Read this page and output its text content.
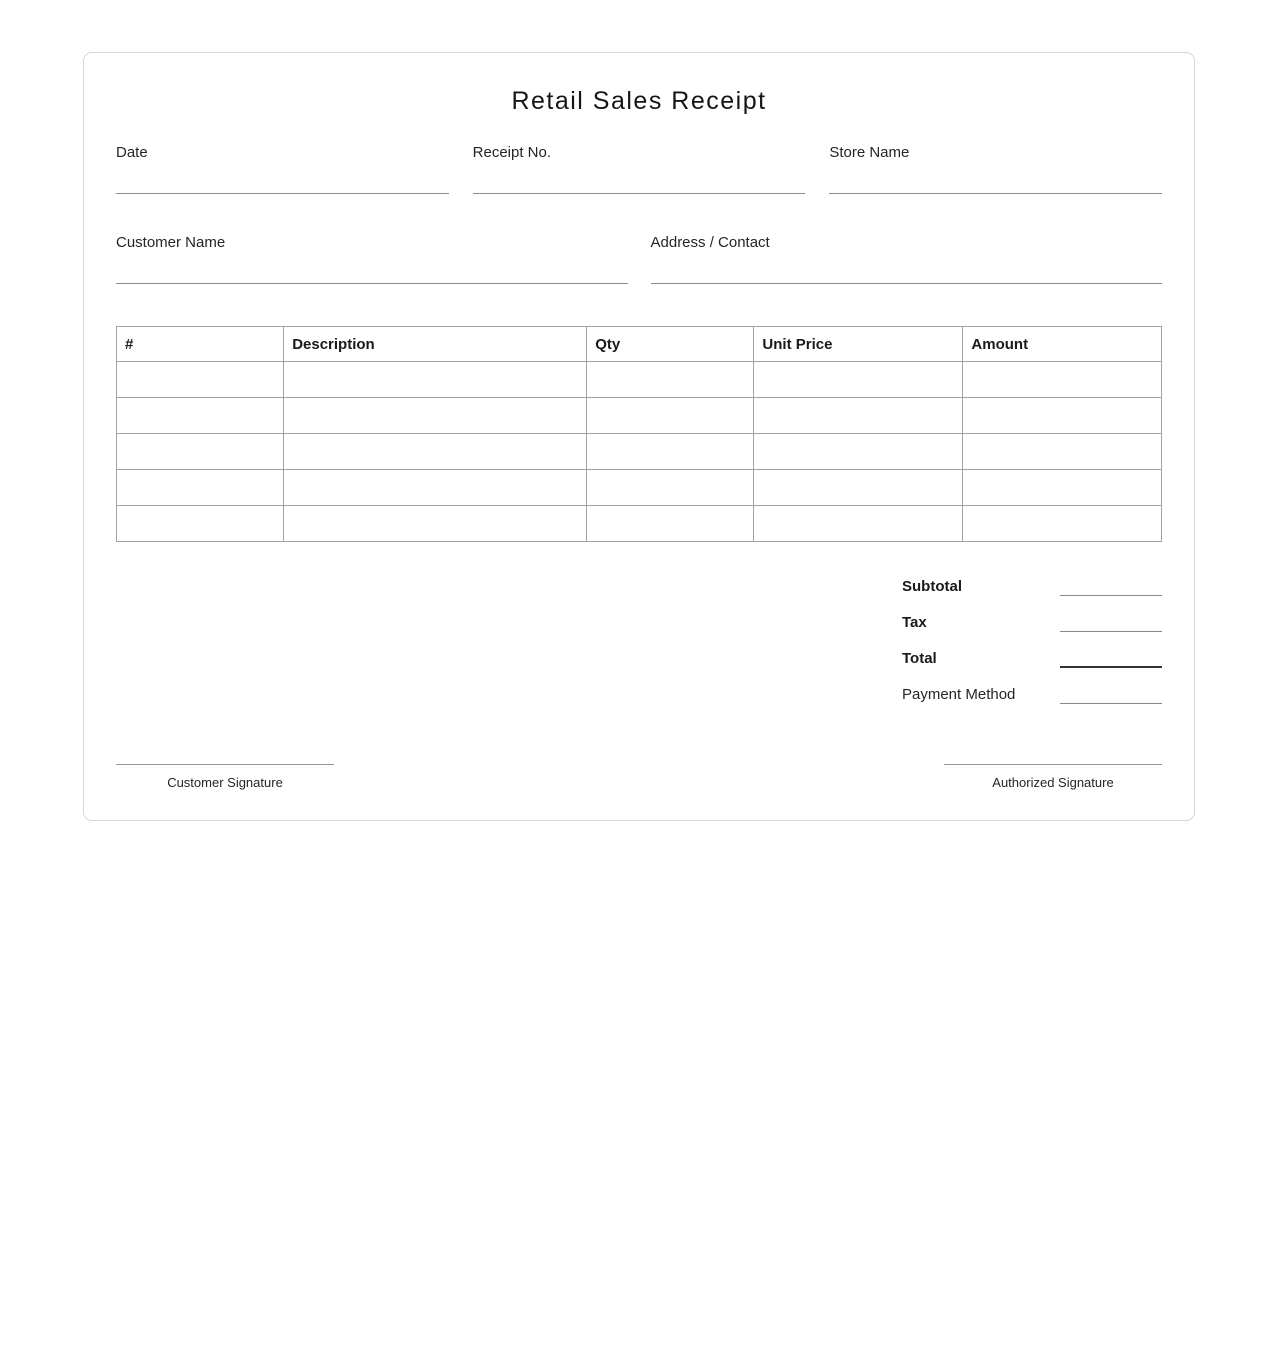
Retail Sales Receipt
Date	Receipt No.	Store Name
Customer Name	Address / Contact
#	Description	Qty	Unit Price	Amount

Subtotal
Tax
Total
Payment Method
Customer Signature	Authorized Signature
